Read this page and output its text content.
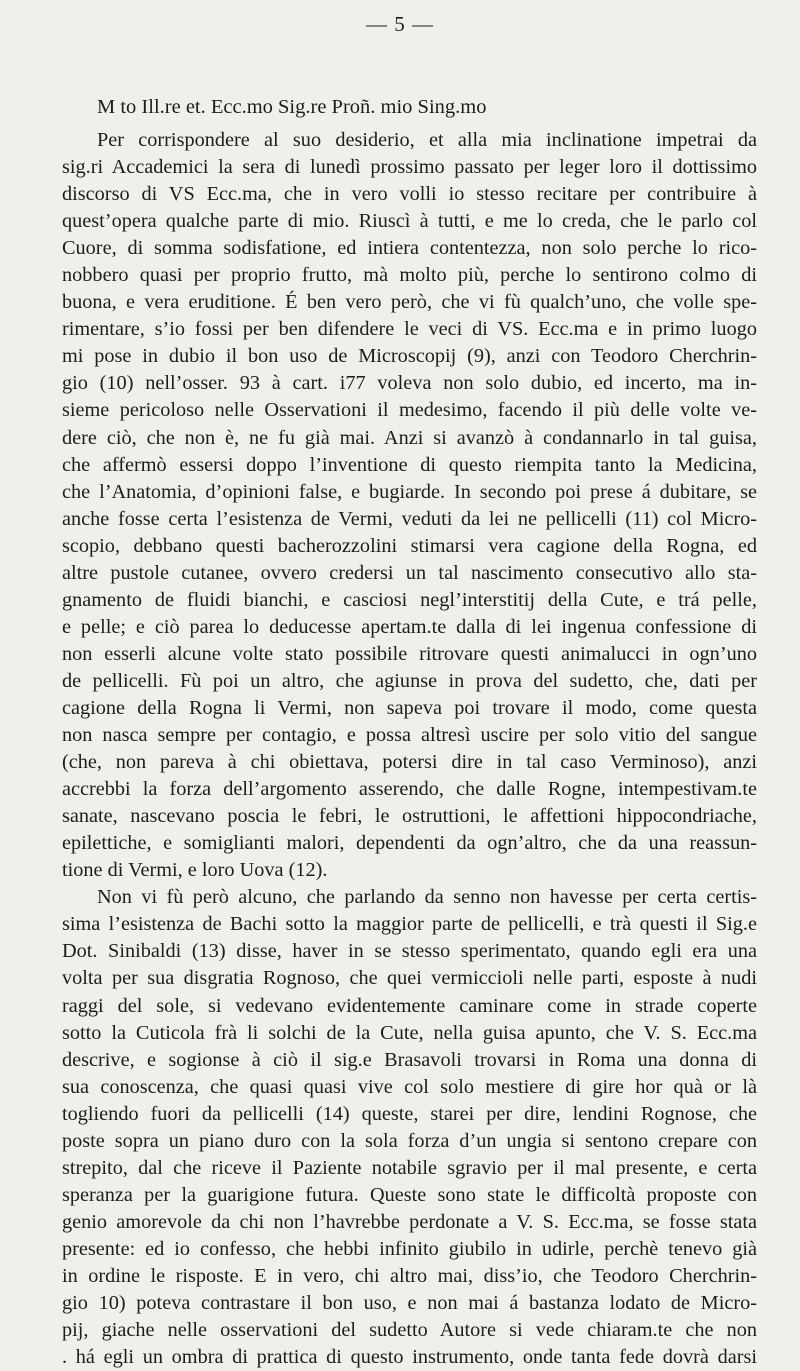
— 5 —
M to Ill.re et. Ecc.mo Sig.re Proñ. mio Sing.mo
Per corrispondere al suo desiderio, et alla mia inclinatione impetrai da
sig.ri Accademici la sera di lunedì prossimo passato per leger loro il dottissimo
discorso di VS Ecc.ma, che in vero volli io stesso recitare per contribuire à
quest’opera qualche parte di mio. Riuscì à tutti, e me lo creda, che le parlo col
Cuore, di somma sodisfatione, ed intiera contentezza, non solo perche lo rico-
nobbero quasi per proprio frutto, mà molto più, perche lo sentirono colmo di
buona, e vera eruditione. É ben vero però, che vi fù qualch’uno, che volle spe-
rimentare, s’io fossi per ben difendere le veci di VS. Ecc.ma e in primo luogo
mi pose in dubio il bon uso de Microscopij (9), anzi con Teodoro Cherchrin-
gio (10) nell’osser. 93 à cart. i77 voleva non solo dubio, ed incerto, ma in-
sieme pericoloso nelle Osservationi il medesimo, facendo il più delle volte ve-
dere ciò, che non è, ne fu già mai. Anzi si avanzò à condannarlo in tal guisa,
che affermò essersi doppo l’inventione di questo riempita tanto la Medicina,
che l’Anatomia, d’opinioni false, e bugiarde. In secondo poi prese á dubitare, se
anche fosse certa l’esistenza de Vermi, veduti da lei ne pellicelli (11) col Micro-
scopio, debbano questi bacherozzolini stimarsi vera cagione della Rogna, ed
altre pustole cutanee, ovvero credersi un tal nascimento consecutivo allo sta-
gnamento de fluidi bianchi, e casciosi negl’interstitij della Cute, e trá pelle,
e pelle; e ciò parea lo deducesse apertam.te dalla di lei ingenua confessione di
non esserli alcune volte stato possibile ritrovare questi animalucci in ogn’uno
de pellicelli. Fù poi un altro, che agiunse in prova del sudetto, che, dati per
cagione della Rogna li Vermi, non sapeva poi trovare il modo, come questa
non nasca sempre per contagio, e possa altresì uscire per solo vitio del sangue
(che, non pareva à chi obiettava, potersi dire in tal caso Verminoso), anzi
accrebbi la forza dell’argomento asserendo, che dalle Rogne, intempestivam.te
sanate, nascevano poscia le febri, le ostruttioni, le affettioni hippocondriache,
epilettiche, e somiglianti malori, dependenti da ogn’altro, che da una reassun-
tione di Vermi, e loro Uova (12).
Non vi fù però alcuno, che parlando da senno non havesse per certa certis-
sima l’esistenza de Bachi sotto la maggior parte de pellicelli, e trà questi il Sig.e
Dot. Sinibaldi (13) disse, haver in se stesso sperimentato, quando egli era una
volta per sua disgratia Rognoso, che quei vermiccioli nelle parti, esposte à nudi
raggi del sole, si vedevano evidentemente caminare come in strade coperte
sotto la Cuticola frà li solchi de la Cute, nella guisa apunto, che V. S. Ecc.ma
descrive, e sogionse à ciò il sig.e Brasavoli trovarsi in Roma una donna di
sua conoscenza, che quasi quasi vive col solo mestiere di gire hor quà or là
togliendo fuori da pellicelli (14) queste, starei per dire, lendini Rognose, che
poste sopra un piano duro con la sola forza d’un ungia si sentono crepare con
strepito, dal che riceve il Paziente notabile sgravio per il mal presente, e certa
speranza per la guarigione futura. Queste sono state le difficoltà proposte con
genio amorevole da chi non l’havrebbe perdonate a V. S. Ecc.ma, se fosse stata
presente: ed io confesso, che hebbi infinito giubilo in udirle, perchè tenevo già
in ordine le risposte. E in vero, chi altro mai, diss’io, che Teodoro Cherchrin-
gio 10) poteva contrastare il bon uso, e non mai á bastanza lodato de Micro-
pij, giache nelle osservationi del sudetto Autore si vede chiaram.te che non
. há egli un ombra di prattica di questo instrumento, onde tanta fede dovrà darsi
